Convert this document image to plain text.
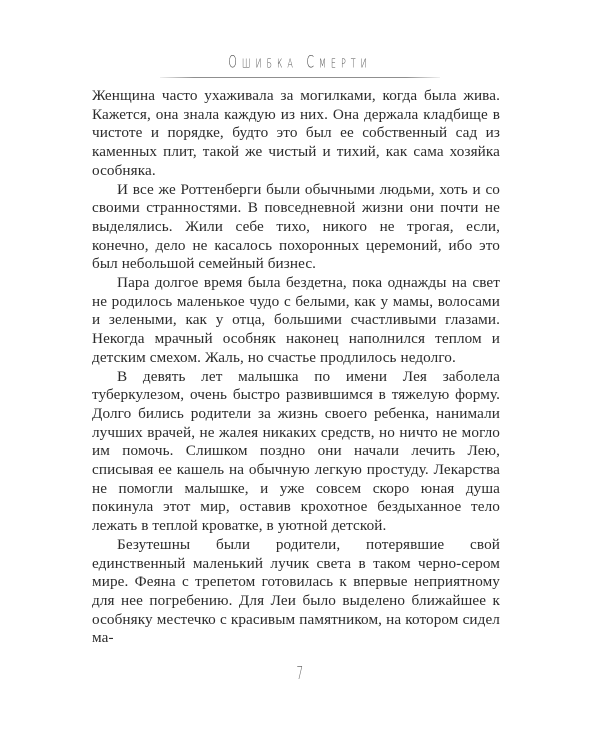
Ошибка Смерти

Женщина часто ухаживала за могилками, когда была жива. Кажется, она знала каждую из них. Она держала кладбище в чистоте и порядке, будто это был ее собственный сад из каменных плит, такой же чистый и тихий, как сама хозяйка особняка.

И все же Роттенберги были обычными людьми, хоть и со своими странностями. В повседневной жизни они почти не выделялись. Жили себе тихо, никого не трогая, если, конечно, дело не касалось похоронных церемоний, ибо это был небольшой семейный бизнес.

Пара долгое время была бездетна, пока однажды на свет не родилось маленькое чудо с белыми, как у мамы, волосами и зелеными, как у отца, большими счастливыми глазами. Некогда мрачный особняк наконец наполнился теплом и детским смехом. Жаль, но счастье продлилось недолго.

В девять лет малышка по имени Лея заболела туберкулезом, очень быстро развившимся в тяжелую форму. Долго бились родители за жизнь своего ребенка, нанимали лучших врачей, не жалея никаких средств, но ничто не могло им помочь. Слишком поздно они начали лечить Лею, списывая ее кашель на обычную легкую простуду. Лекарства не помогли малышке, и уже совсем скоро юная душа покинула этот мир, оставив крохотное бездыханное тело лежать в теплой кроватке, в уютной детской.

Безутешны были родители, потерявшие свой единственный маленький лучик света в таком черно-сером мире. Феяна с трепетом готовилась к впервые неприятному для нее погребению. Для Леи было выделено ближайшее к особняку местечко с красивым памятником, на котором сидел ма-

7
